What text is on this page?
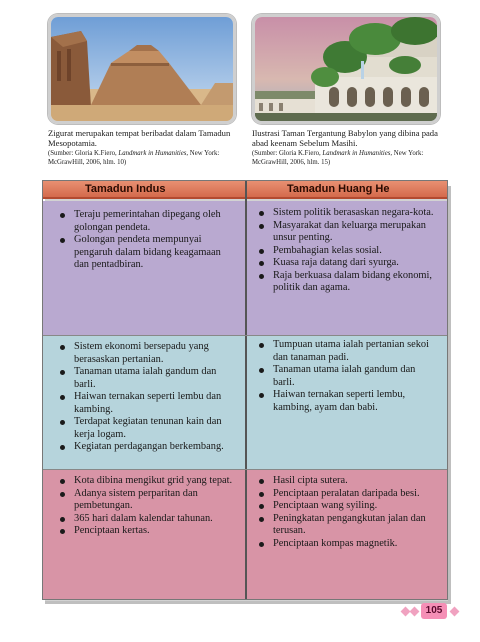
Zigurat merupakan tempat beribadat dalam Tamadun Mesopotamia.
(Sumber: Gloria K.Fiero, Landmark in Humanities, New York: McGrawHill, 2006, hlm. 10)
Ilustrasi Taman Tergantung Babylon yang dibina pada abad keenam Sebelum Masihi.
(Sumber: Gloria K.Fiero, Landmark in Humanities, New York: McGrawHill, 2006, hlm. 15)
Tamadun Indus	Tamadun Huang He
Teraju pemerintahan dipegang oleh golongan pendeta.
Golongan pendeta mempunyai pengaruh dalam bidang keagamaan dan pentadbiran.
Sistem politik berasaskan negara-kota.
Masyarakat dan keluarga merupakan unsur penting.
Pembahagian kelas sosial.
Kuasa raja datang dari syurga.
Raja berkuasa dalam bidang ekonomi, politik dan agama.
Sistem ekonomi bersepadu yang berasaskan pertanian.
Tanaman utama ialah gandum dan barli.
Haiwan ternakan seperti lembu dan kambing.
Terdapat kegiatan tenunan kain dan kerja logam.
Kegiatan perdagangan berkembang.
Tumpuan utama ialah pertanian sekoi dan tanaman padi.
Tanaman utama ialah gandum dan barli.
Haiwan ternakan seperti lembu, kambing, ayam dan babi.
Kota dibina mengikut grid yang tepat.
Adanya sistem perparitan dan pembetungan.
365 hari dalam kalendar tahunan.
Penciptaan kertas.
Hasil cipta sutera.
Penciptaan peralatan daripada besi.
Penciptaan wang syiling.
Peningkatan pengangkutan jalan dan terusan.
Penciptaan kompas magnetik.
105
